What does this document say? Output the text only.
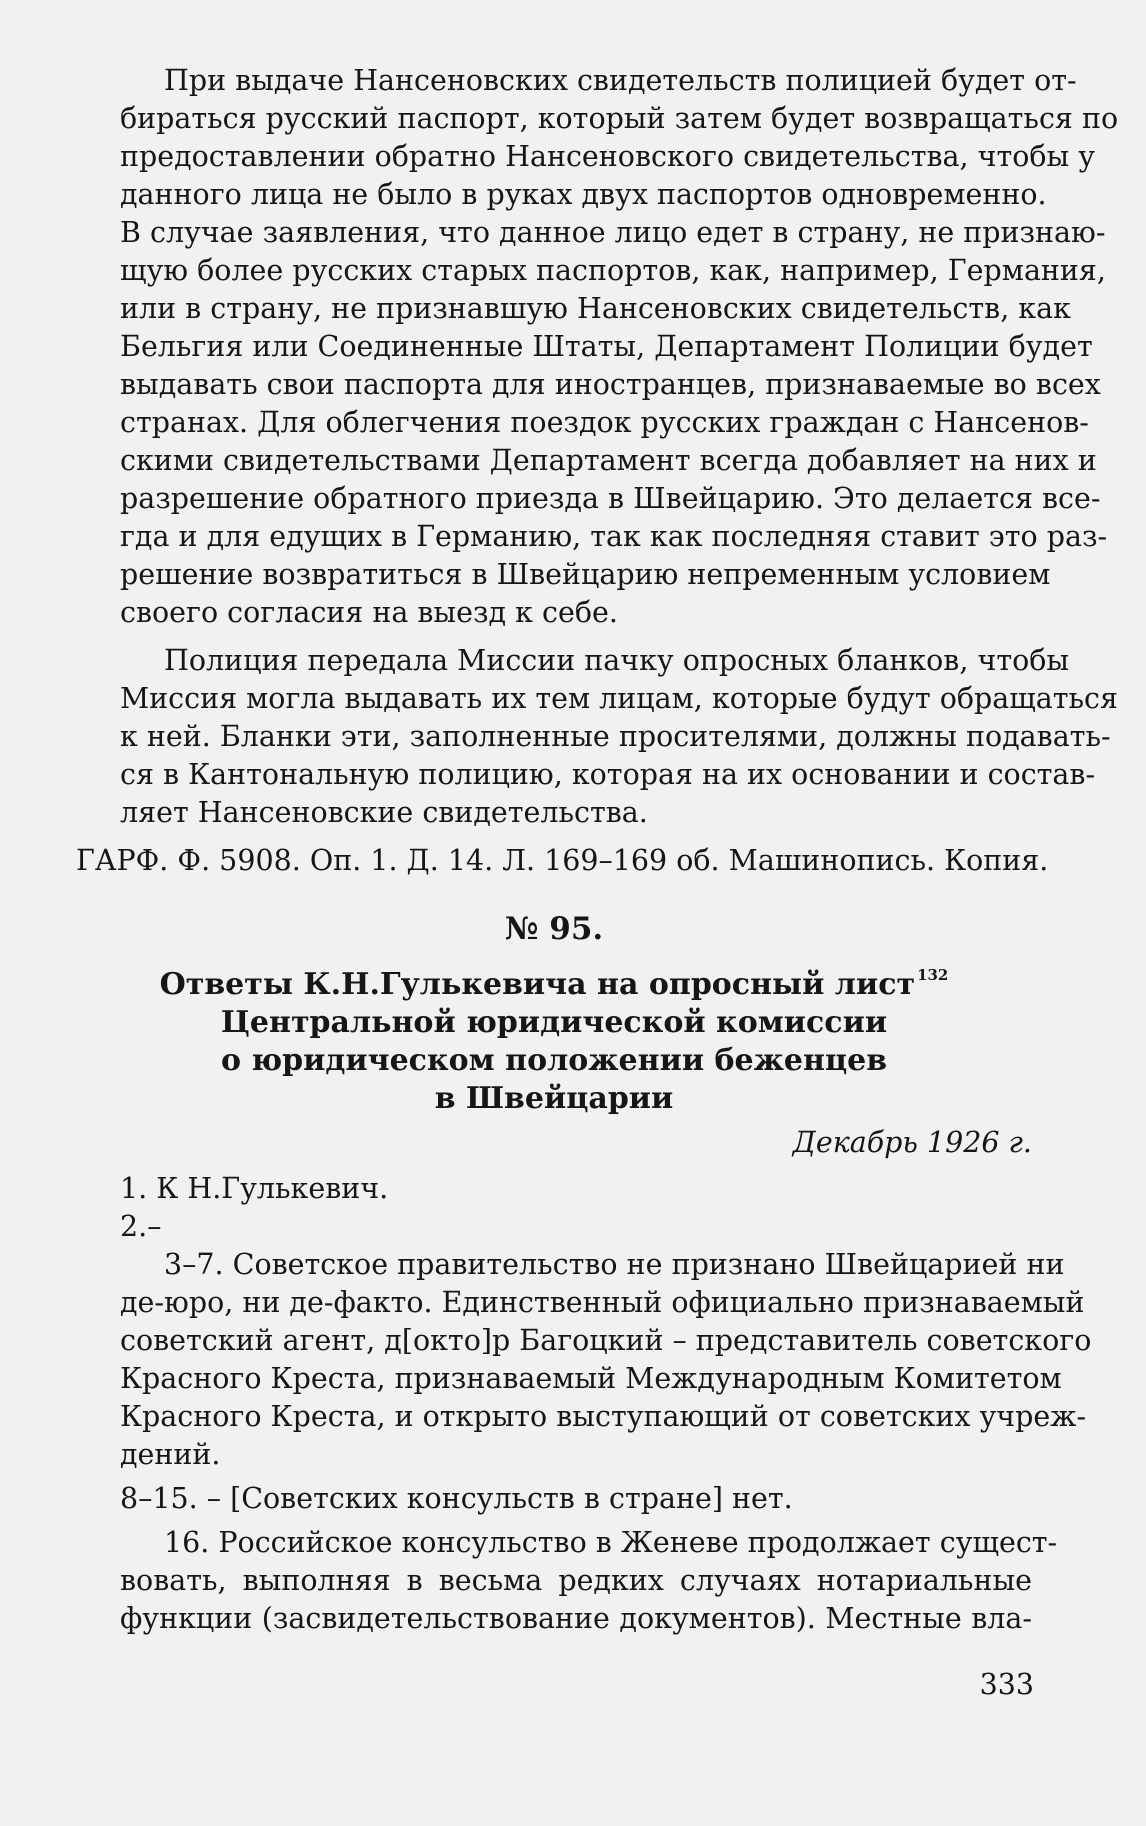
При выдаче Нансеновских свидетельств полицией будет от-
бираться русский паспорт, который затем будет возвращаться по
предоставлении обратно Нансеновского свидетельства, чтобы у
данного лица не было в руках двух паспортов одновременно.
В случае заявления, что данное лицо едет в страну, не признаю-
щую более русских старых паспортов, как, например, Германия,
или в страну, не признавшую Нансеновских свидетельств, как
Бельгия или Соединенные Штаты, Департамент Полиции будет
выдавать свои паспорта для иностранцев, признаваемые во всех
странах. Для облегчения поездок русских граждан с Нансенов-
скими свидетельствами Департамент всегда добавляет на них и
разрешение обратного приезда в Швейцарию. Это делается все-
гда и для едущих в Германию, так как последняя ставит это раз-
решение возвратиться в Швейцарию непременным условием
своего согласия на выезд к себе.
Полиция передала Миссии пачку опросных бланков, чтобы
Миссия могла выдавать их тем лицам, которые будут обращаться
к ней. Бланки эти, заполненные просителями, должны подавать-
ся в Кантональную полицию, которая на их основании и состав-
ляет Нансеновские свидетельства.

ГАРФ. Ф. 5908. Оп. 1. Д. 14. Л. 169–169 об. Машинопись. Копия.

№ 95.
Ответы К.Н.Гулькевича на опросный лист $^{132}$
Центральной юридической комиссии
о юридическом положении беженцев
в Швейцарии
Декабрь 1926 г.

1. К Н.Гулькевич.

2.–

3–7. Советское правительство не признано Швейцарией ни
де-юро, ни де-факто. Единственный официально признаваемый
советский агент, д[окто]р Багоцкий – представитель советского
Красного Креста, признаваемый Международным Комитетом
Красного Креста, и открыто выступающий от советских учреж-
дений.

8–15. – [Советских консульств в стране] нет.

16. Российское консульство в Женеве продолжает сущест-
вовать, выполняя в весьма редких случаях нотариальные
функции (засвидетельствование документов). Местные вла-
333
